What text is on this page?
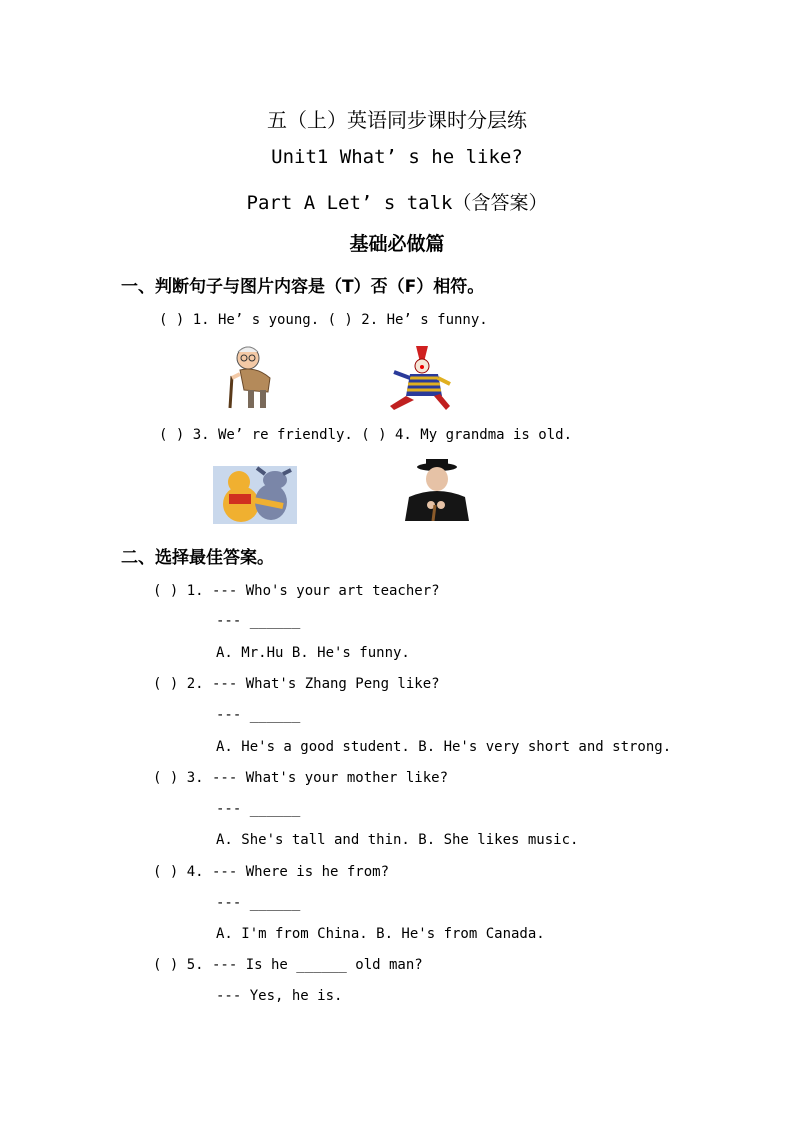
五（上）英语同步课时分层练
Unit1 What’ s he like?
Part A Let’ s talk（含答案）
基础必做篇
一、判断句子与图片内容是（T）否（F）相符。
( ) 1. He’ s young. ( ) 2. He’ s funny.
( ) 3. We’ re friendly. ( ) 4. My grandma is old.
二、选择最佳答案。
( ) 1. --- Who's your art teacher?
--- ______
A. Mr.Hu B. He's funny.
( ) 2. --- What's Zhang Peng like?
--- ______
A. He's a good student. B. He's very short and strong.
( ) 3. --- What's your mother like?
--- ______
A. She's tall and thin. B. She likes music.
( ) 4. --- Where is he from?
--- ______
A. I'm from China. B. He's from Canada.
( ) 5. --- Is he ______ old man?
--- Yes, he is.
